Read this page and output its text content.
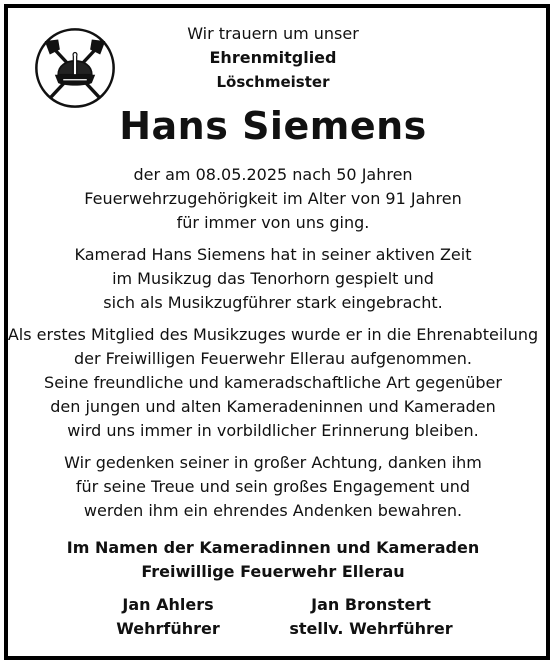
Wir trauern um unser
Ehrenmitglied
Löschmeister
Hans Siemens
der am 08.05.2025 nach 50 Jahren
Feuerwehrzugehörigkeit im Alter von 91 Jahren
für immer von uns ging.
Kamerad Hans Siemens hat in seiner aktiven Zeit
im Musikzug das Tenorhorn gespielt und
sich als Musikzugführer stark eingebracht.
Als erstes Mitglied des Musikzuges wurde er in die Ehrenabteilung
der Freiwilligen Feuerwehr Ellerau aufgenommen.
Seine freundliche und kameradschaftliche Art gegenüber
den jungen und alten Kameradeninnen und Kameraden
wird uns immer in vorbildlicher Erinnerung bleiben.
Wir gedenken seiner in großer Achtung, danken ihm
für seine Treue und sein großes Engagement und
werden ihm ein ehrendes Andenken bewahren.
Im Namen der Kameradinnen und Kameraden
Freiwillige Feuerwehr Ellerau
Jan Ahlers
Wehrführer
Jan Bronstert
stellv. Wehrführer
